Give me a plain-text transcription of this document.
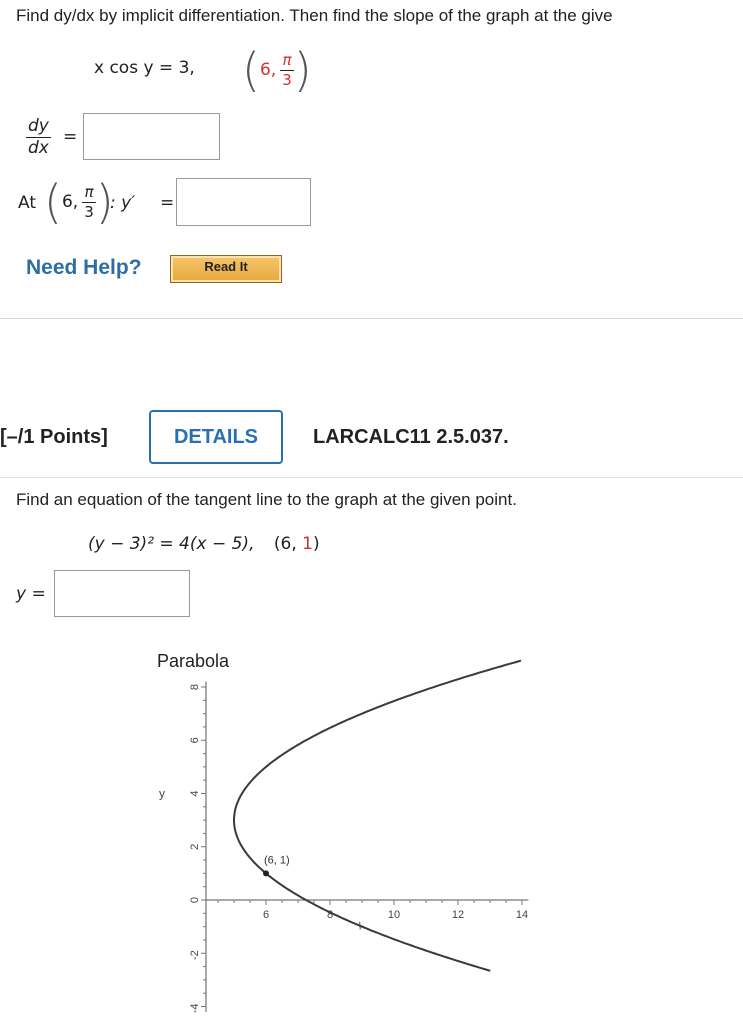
Find dy/dx by implicit differentiation. Then find the slope of the graph at the give
x cos y = 3, (6, $\frac{\pi}{3}$ )
$\frac{dy}{dx}$ =
At (6, $\frac{\pi}{3}$ )
: y′ =
Need Help?	Read It
[–/1 Points]	DETAILS	LARCALC11 2.5.037.
Find an equation of the tangent line to the graph at the given point.
(y − 3)² = 4(x − 5), (6, 1)
y =
Parabola
8
6
4
2
0
-2
-4
6	8	10	12	14
y
x
(6, 1)
